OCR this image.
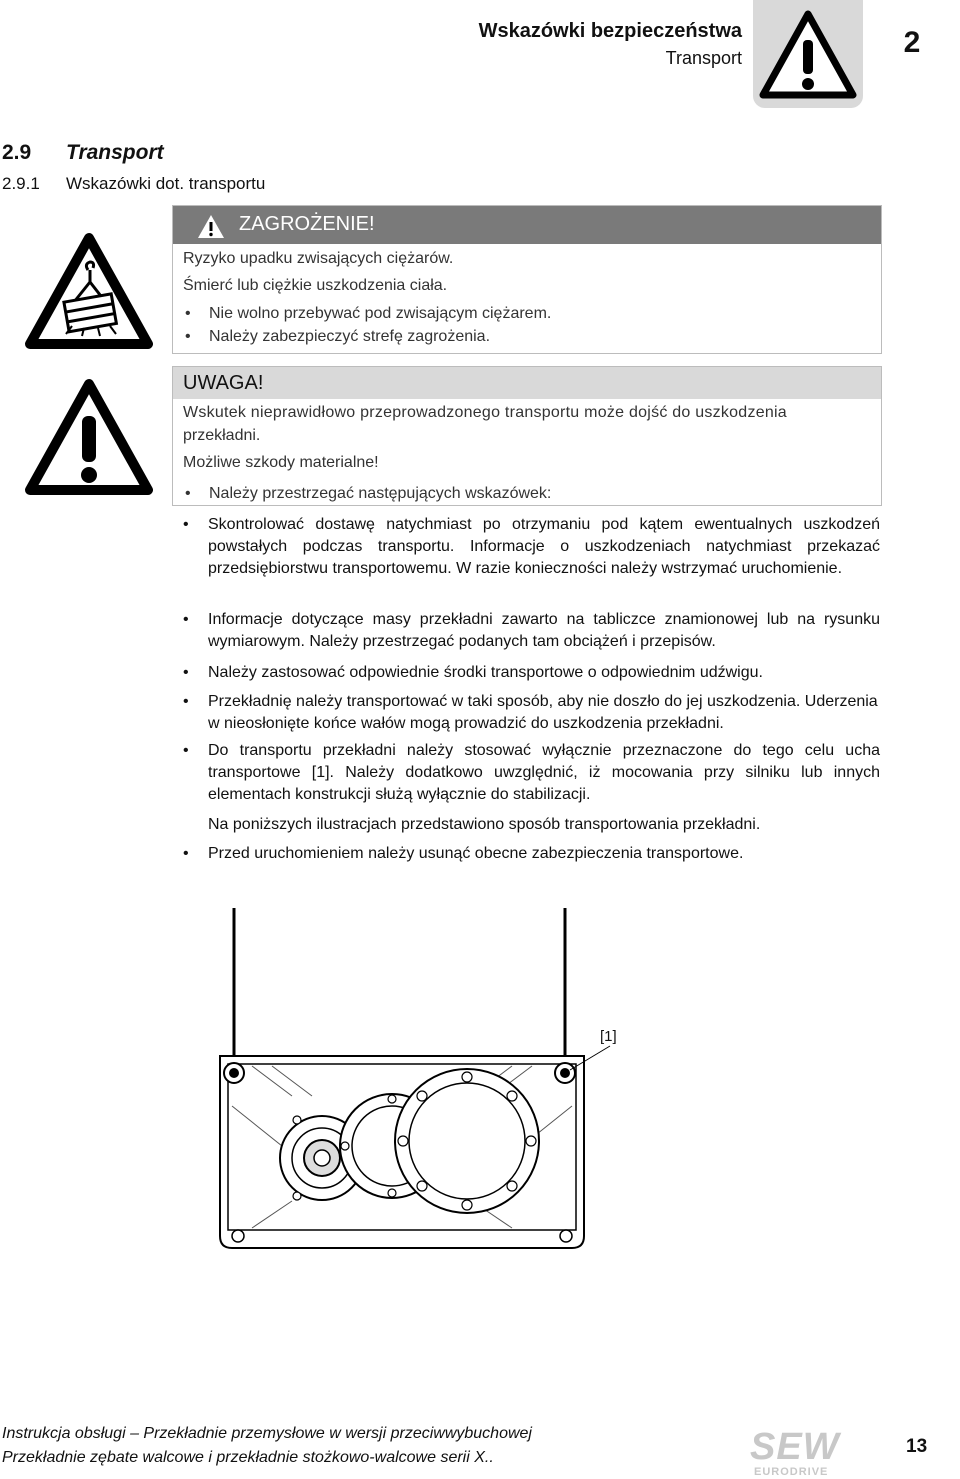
Wskazówki bezpieczeństwa
Transport	2
2.9 Transport
2.9.1 Wskazówki dot. transportu
ZAGROŻENIE!
Ryzyko upadku zwisających ciężarów.
Śmierć lub ciężkie uszkodzenia ciała.
• Nie wolno przebywać pod zwisającym ciężarem.
• Należy zabezpieczyć strefę zagrożenia.
UWAGA!
Wskutek nieprawidłowo przeprowadzonego transportu może dojść do uszkodzenia
przekładni.
Możliwe szkody materialne!
• Należy przestrzegać następujących wskazówek:
• Skontrolować dostawę natychmiast po otrzymaniu pod kątem ewentualnych uszkodzeń powstałych podczas transportu. Informacje o uszkodzeniach natychmiast przekazać przedsiębiorstwu transportowemu. W razie konieczności należy wstrzymać uruchomienie.
• Informacje dotyczące masy przekładni zawarto na tabliczce znamionowej lub na rysunku wymiarowym. Należy przestrzegać podanych tam obciążeń i przepisów.
• Należy zastosować odpowiednie środki transportowe o odpowiednim udźwigu.
• Przekładnię należy transportować w taki sposób, aby nie doszło do jej uszkodzenia. Uderzenia w nieosłonięte końce wałów mogą prowadzić do uszkodzenia przekładni.
• Do transportu przekładni należy stosować wyłącznie przeznaczone do tego celu ucha transportowe [1]. Należy dodatkowo uwzględnić, iż mocowania przy silniku lub innych elementach konstrukcji służą wyłącznie do stabilizacji.
Na poniższych ilustracjach przedstawiono sposób transportowania przekładni.
• Przed uruchomieniem należy usunąć obecne zabezpieczenia transportowe.
[1]
Instrukcja obsługi – Przekładnie przemysłowe w wersji przeciwwybuchowej
Przekładnie zębate walcowe i przekładnie stożkowo-walcowe serii X..	SEW
EURODRIVE
13
